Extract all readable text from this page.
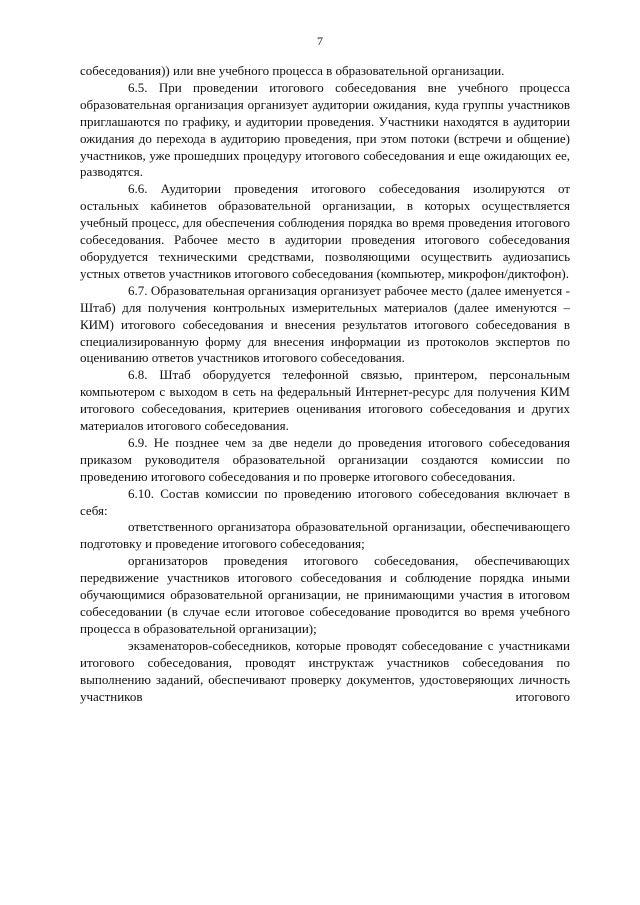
7

собеседования)) или вне учебного процесса в образовательной организации.

6.5. При проведении итогового собеседования вне учебного процесса образовательная организация организует аудитории ожидания, куда группы участников приглашаются по графику, и аудитории проведения. Участники находятся в аудитории ожидания до перехода в аудиторию проведения, при этом потоки (встречи и общение) участников, уже прошедших процедуру итогового собеседования и еще ожидающих ее, разводятся.

6.6. Аудитории проведения итогового собеседования изолируются от остальных кабинетов образовательной организации, в которых осуществляется учебный процесс, для обеспечения соблюдения порядка во время проведения итогового собеседования. Рабочее место в аудитории проведения итогового собеседования оборудуется техническими средствами, позволяющими осуществить аудиозапись устных ответов участников итогового собеседования (компьютер, микрофон/диктофон).

6.7. Образовательная организация организует рабочее место (далее именуется - Штаб) для получения контрольных измерительных материалов (далее именуются – КИМ) итогового собеседования и внесения результатов итогового собеседования в специализированную форму для внесения информации из протоколов экспертов по оцениванию ответов участников итогового собеседования.

6.8. Штаб оборудуется телефонной связью, принтером, персональным компьютером с выходом в сеть на федеральный Интернет-ресурс для получения КИМ итогового собеседования, критериев оценивания итогового собеседования и других материалов итогового собеседования.

6.9. Не позднее чем за две недели до проведения итогового собеседования приказом руководителя образовательной организации создаются комиссии по проведению итогового собеседования и по проверке итогового собеседования.

6.10. Состав комиссии по проведению итогового собеседования включает в себя:

ответственного организатора образовательной организации, обеспечивающего подготовку и проведение итогового собеседования;

организаторов проведения итогового собеседования, обеспечивающих передвижение участников итогового собеседования и соблюдение порядка иными обучающимися образовательной организации, не принимающими участия в итоговом собеседовании (в случае если итоговое собеседование проводится во время учебного процесса в образовательной организации);

экзаменаторов-собеседников, которые проводят собеседование с участниками итогового собеседования, проводят инструктаж участников собеседования по выполнению заданий, обеспечивают проверку документов, удостоверяющих личность участников итогового
